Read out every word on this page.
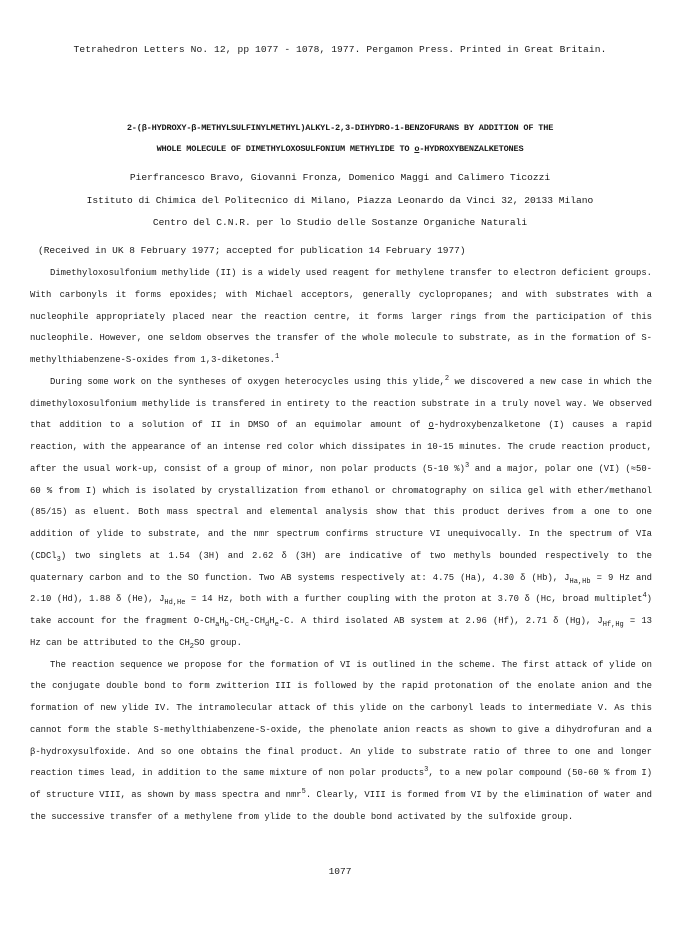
Tetrahedron Letters No. 12, pp 1077 - 1078, 1977. Pergamon Press. Printed in Great Britain.
2-(β-HYDROXY-β-METHYLSULFINYLMETHYL)ALKYL-2,3-DIHYDRO-1-BENZOFURANS BY ADDITION OF THE
WHOLE MOLECULE OF DIMETHYLOXOSULFONIUM METHYLIDE TO o-HYDROXYBENZALKETONES
Pierfrancesco Bravo, Giovanni Fronza, Domenico Maggi and Calimero Ticozzi
Istituto di Chimica del Politecnico di Milano, Piazza Leonardo da Vinci 32, 20133 Milano
Centro del C.N.R. per lo Studio delle Sostanze Organiche Naturali
(Received in UK 8 February 1977; accepted for publication 14 February 1977)

Dimethyloxosulfonium methylide (II) is a widely used reagent for methylene transfer to electron deficient groups. With carbonyls it forms epoxides; with Michael acceptors, generally cyclopropanes; and with substrates with a nucleophile appropriately placed near the reaction centre, it forms larger rings from the participation of this nucleophile. However, one seldom observes the transfer of the whole molecule to substrate, as in the formation of S-methylthiabenzene-S-oxides from 1,3-diketones.$^1$

During some work on the syntheses of oxygen heterocycles using this ylide,$^2$ we discovered a new case in which the dimethyloxosulfonium methylide is transfered in entirety to the reaction substrate in a truly novel way. We observed that addition to a solution of II in DMSO of an equimolar amount of o-hydroxybenzalketone (I) causes a rapid reaction, with the appearance of an intense red color which dissipates in 10-15 minutes. The crude reaction product, after the usual work-up, consist of a group of minor, non polar products (5-10 %)$^3$ and a major, polar one (VI) (≈50-60 % from I) which is isolated by crystallization from ethanol or chromatography on silica gel with ether/methanol (85/15) as eluent. Both mass spectral and elemental analysis show that this product derives from a one to one addition of ylide to substrate, and the nmr spectrum confirms structure VI unequivocally. In the spectrum of VIa (CDCl$_3$) two singlets at 1.54 (3H) and 2.62 δ (3H) are indicative of two methyls bounded respectively to the quaternary carbon and to the SO function. Two AB systems respectively at: 4.75 (Ha), 4.30 δ (Hb), $J_{Ha,Hb} = 9$ Hz and 2.10 (Hd), 1.88 δ (He), $J_{Hd,He} = 14$ Hz, both with a further coupling with the proton at 3.70 δ (Hc, broad multiplet$^4$) take account for the fragment $O-CH_aH_b-CH_c-CH_dH_e-C$. A third isolated AB system at 2.96 (Hf), 2.71 δ (Hg), $J_{Hf,Hg} = 13$ Hz can be attributed to the $CH_2SO$ group.

The reaction sequence we propose for the formation of VI is outlined in the scheme. The first attack of ylide on the conjugate double bond to form zwitterion III is followed by the rapid protonation of the enolate anion and the formation of new ylide IV. The intramolecular attack of this ylide on the carbonyl leads to intermediate V. As this cannot form the stable S-methylthiabenzene-S-oxide, the phenolate anion reacts as shown to give a dihydrofuran and a β-hydroxysulfoxide. And so one obtains the final product. An ylide to substrate ratio of three to one and longer reaction times lead, in addition to the same mixture of non polar products$^3$, to a new polar compound (50-60 % from I) of structure VIII, as shown by mass spectra and nmr$^5$. Clearly, VIII is formed from VI by the elimination of water and the successive transfer of a methylene from ylide to the double bond activated by the sulfoxide group.

1077
